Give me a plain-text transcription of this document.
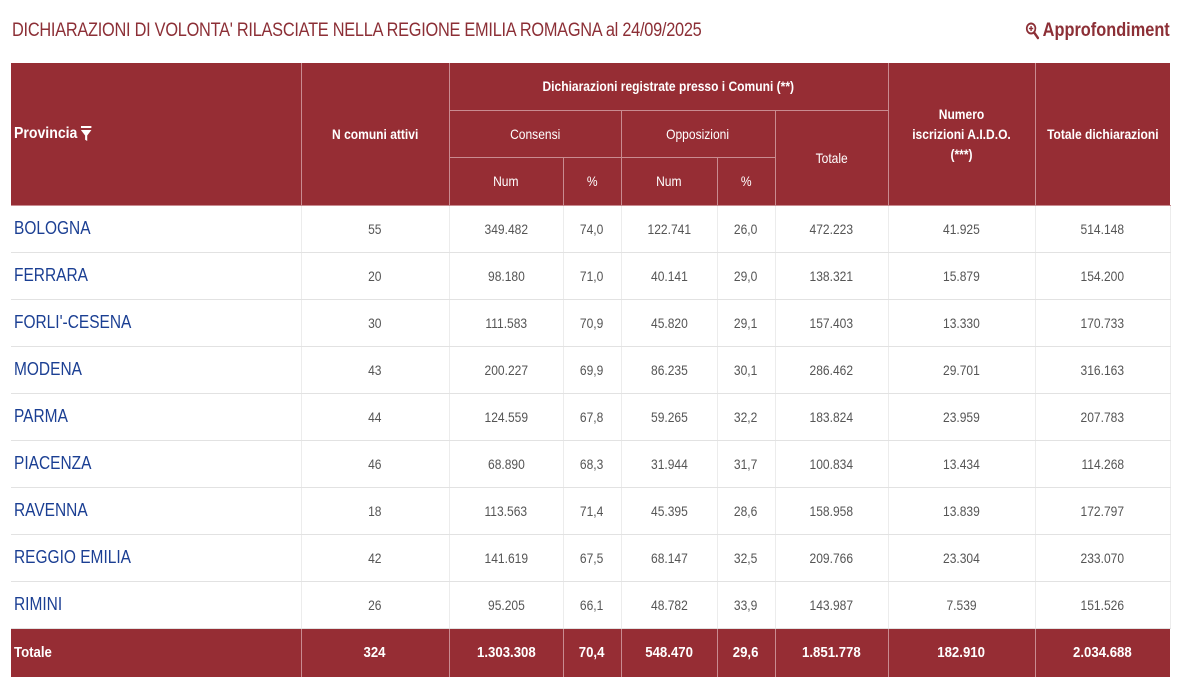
DICHIARAZIONI DI VOLONTA' RILASCIATE NELLA REGIONE EMILIA ROMAGNA al 24/09/2025	Approfondiment
Provincia	N comuni attivi	Dichiarazioni registrate presso i Comuni (**)					Numero iscrizioni A.I.D.O. (***)	Totale dichiarazioni
		Consensi		Opposizioni		Totale		
		Num	%	Num	%			
BOLOGNA	55	349.482	74,0	122.741	26,0	472.223	41.925	514.148
FERRARA	20	98.180	71,0	40.141	29,0	138.321	15.879	154.200
FORLI'-CESENA	30	111.583	70,9	45.820	29,1	157.403	13.330	170.733
MODENA	43	200.227	69,9	86.235	30,1	286.462	29.701	316.163
PARMA	44	124.559	67,8	59.265	32,2	183.824	23.959	207.783
PIACENZA	46	68.890	68,3	31.944	31,7	100.834	13.434	114.268
RAVENNA	18	113.563	71,4	45.395	28,6	158.958	13.839	172.797
REGGIO EMILIA	42	141.619	67,5	68.147	32,5	209.766	23.304	233.070
RIMINI	26	95.205	66,1	48.782	33,9	143.987	7.539	151.526
Totale	324	1.303.308	70,4	548.470	29,6	1.851.778	182.910	2.034.688
